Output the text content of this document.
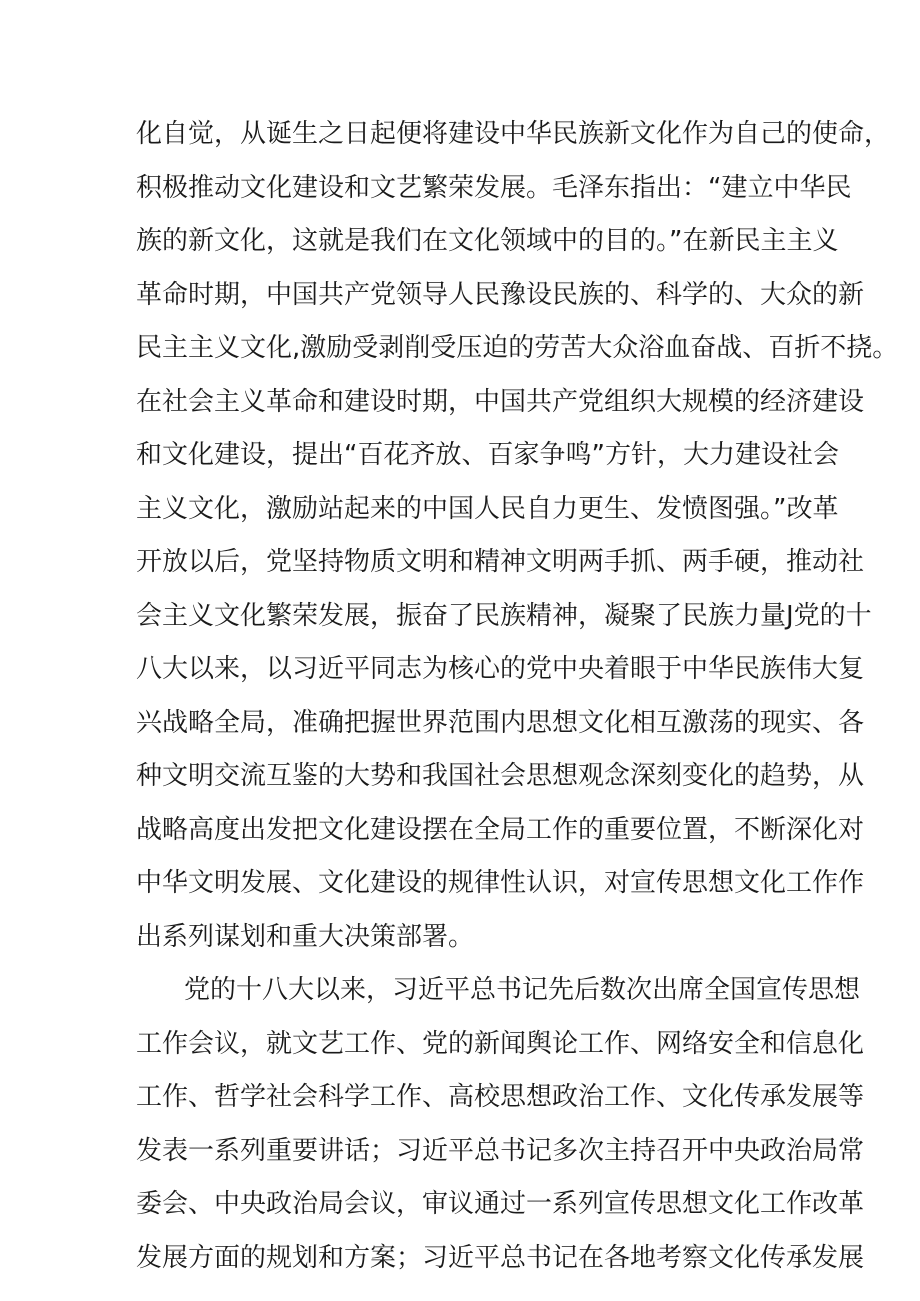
化自觉，从诞生之日起便将建设中华民族新文化作为自己的使命，
积极推动文化建设和文艺繁荣发展。毛泽东指出：“建立中华民
族的新文化，这就是我们在文化领域中的目的。”在新民主主义
革命时期，中国共产党领导人民豫设民族的、科学的、大众的新
民主主义文化,激励受剥削受压迫的劳苦大众浴血奋战、百折不挠。
在社会主义革命和建设时期，中国共产党组织大规模的经济建设
和文化建设，提出“百花齐放、百家争鸣”方针，大力建设社会
主义文化，激励站起来的中国人民自力更生、发愤图强。”改革
开放以后，党坚持物质文明和精神文明两手抓、两手硬，推动社
会主义文化繁荣发展，振奋了民族精神，凝聚了民族力量J党的十
八大以来，以习近平同志为核心的党中央着眼于中华民族伟大复
兴战略全局，准确把握世界范围内思想文化相互激荡的现实、各
种文明交流互鉴的大势和我国社会思想观念深刻变化的趋势，从
战略高度出发把文化建设摆在全局工作的重要位置，不断深化对
中华文明发展、文化建设的规律性认识，对宣传思想文化工作作
出系列谋划和重大决策部署。
党的十八大以来，习近平总书记先后数次出席全国宣传思想
工作会议，就文艺工作、党的新闻舆论工作、网络安全和信息化
工作、哲学社会科学工作、高校思想政治工作、文化传承发展等
发表一系列重要讲话；习近平总书记多次主持召开中央政治局常
委会、中央政治局会议，审议通过一系列宣传思想文化工作改革
发展方面的规划和方案；习近平总书记在各地考察文化传承发展
